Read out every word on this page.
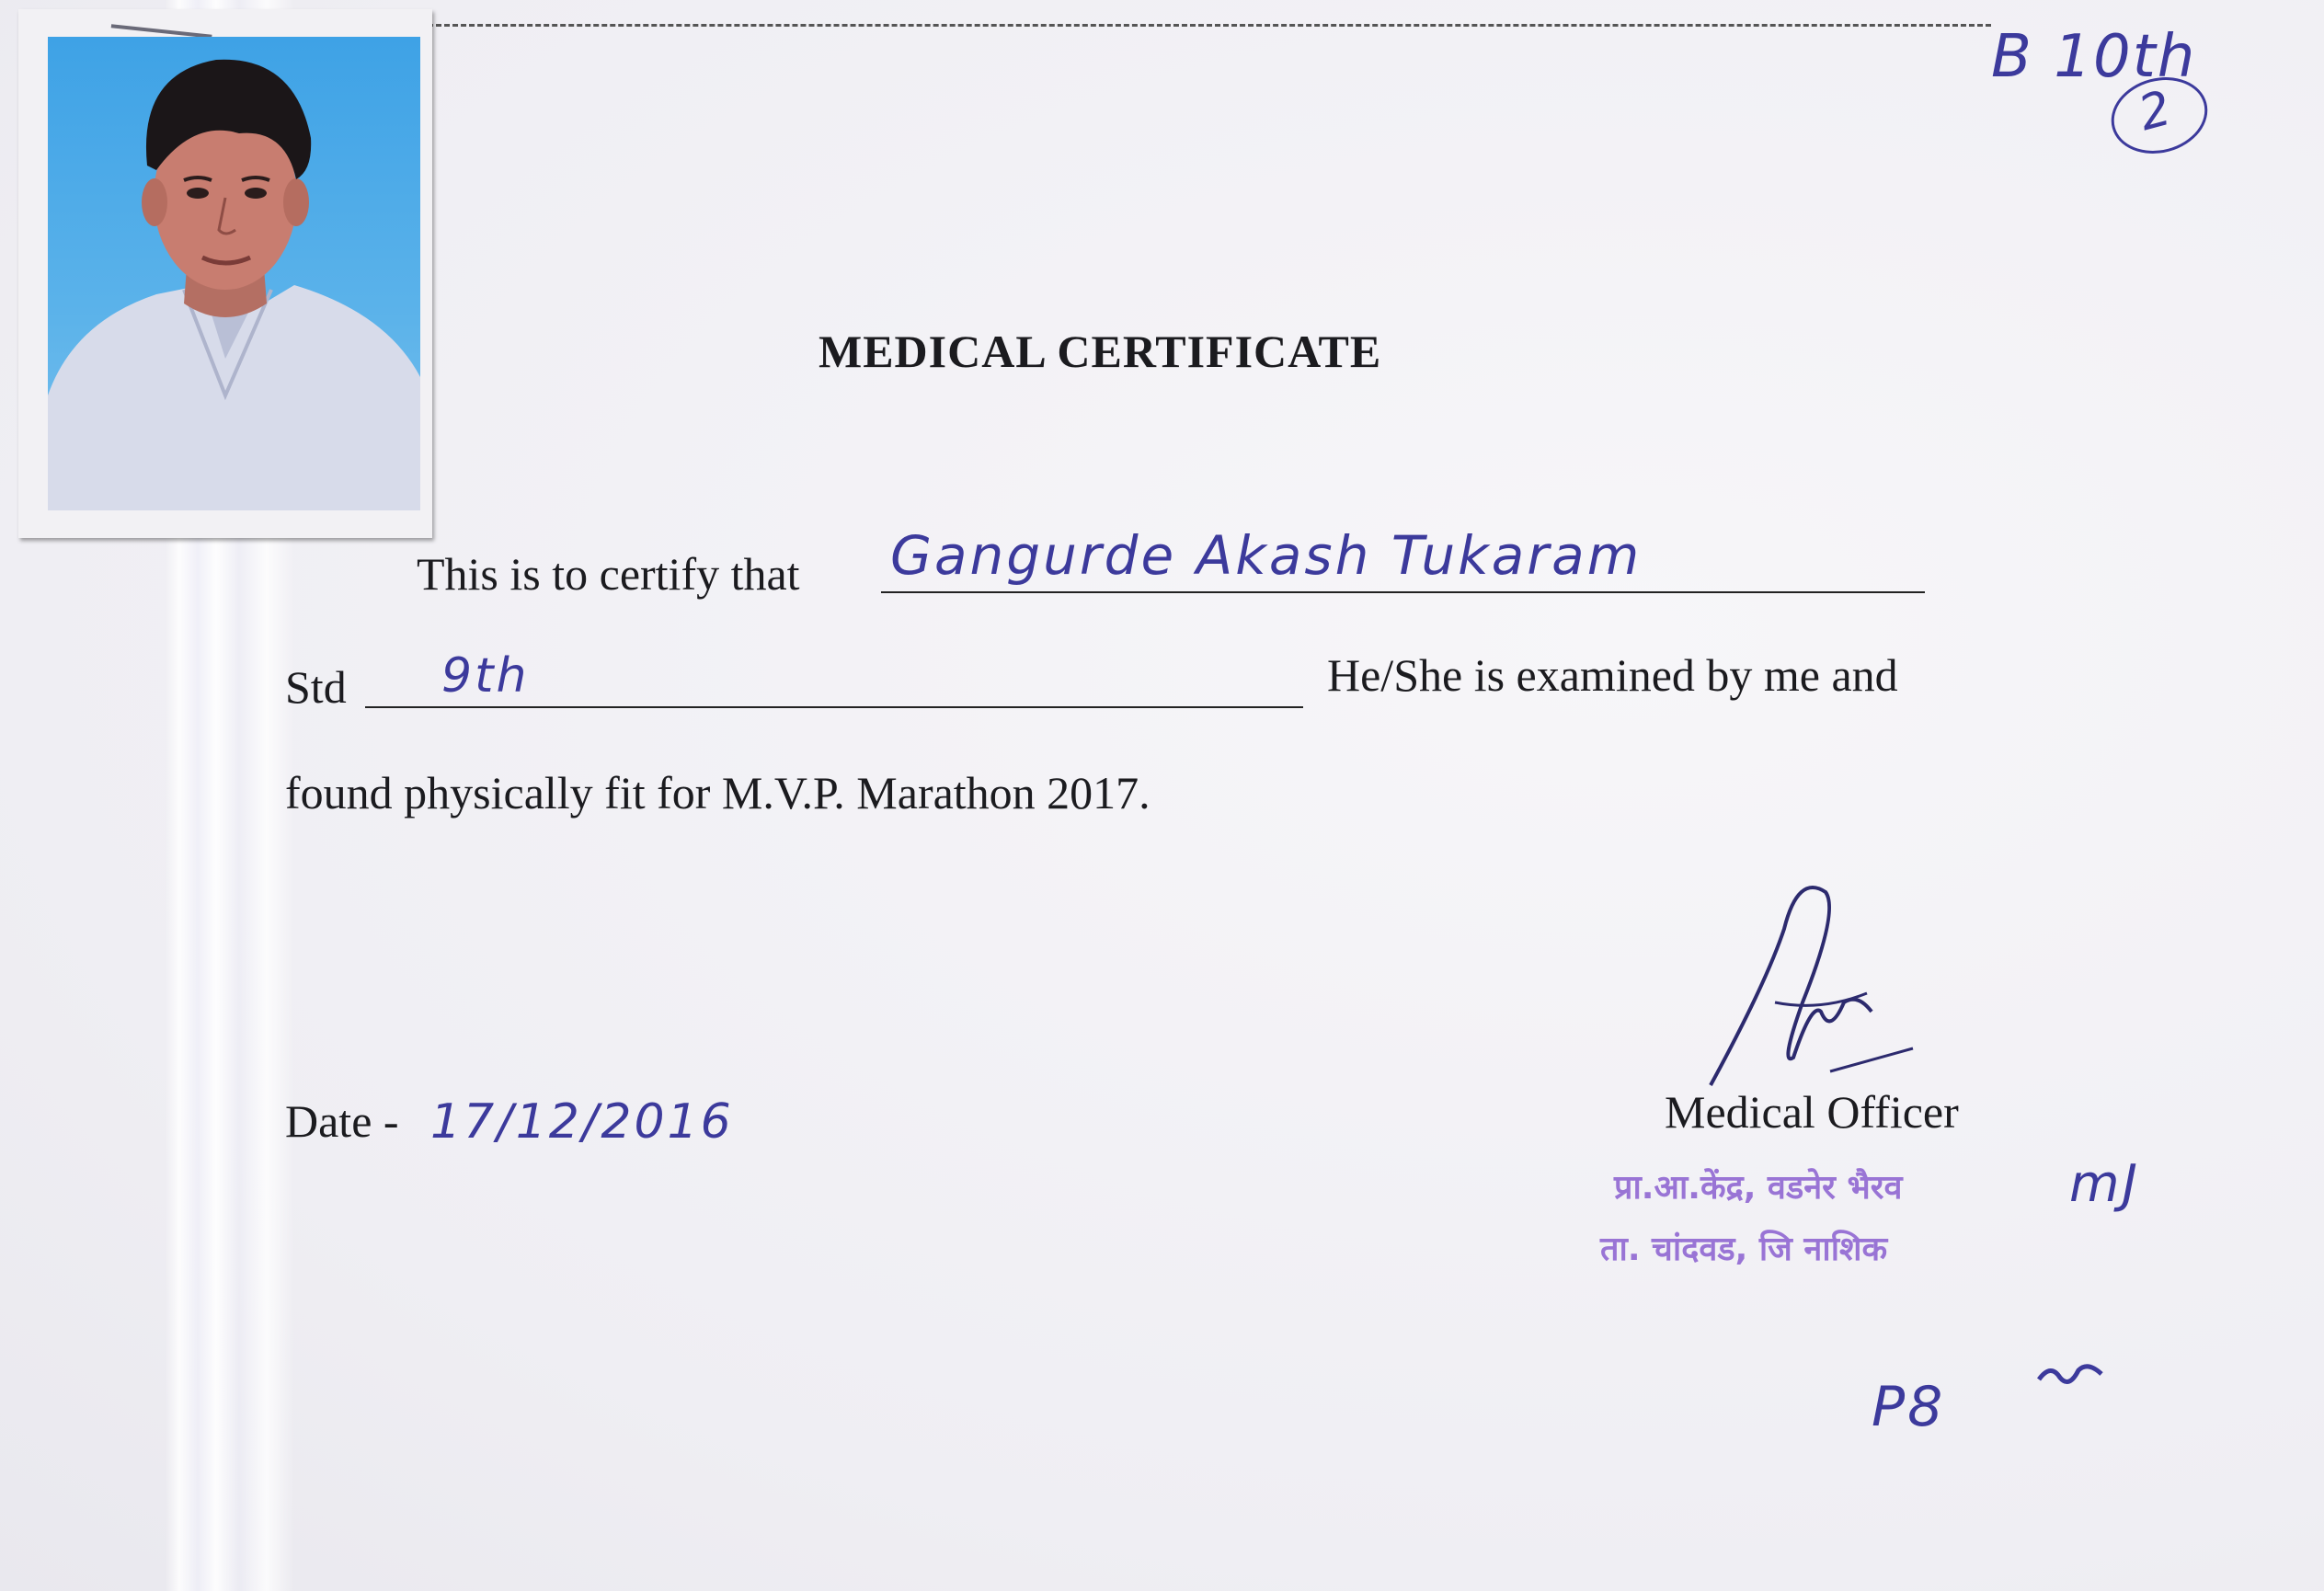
MEDICAL CERTIFICATE
This is to certify that Gangurde Akash Tukaram
Std 9th	He/She is examined by me and
found physically fit for M.V.P. Marathon 2017.
Date - 17/12/2016	Medical Officer
प्रा.आ.केंद्र, वडनेर भैरव
ता. चांदवड, जि नाशिक
B 10th
2
mJ
P8
